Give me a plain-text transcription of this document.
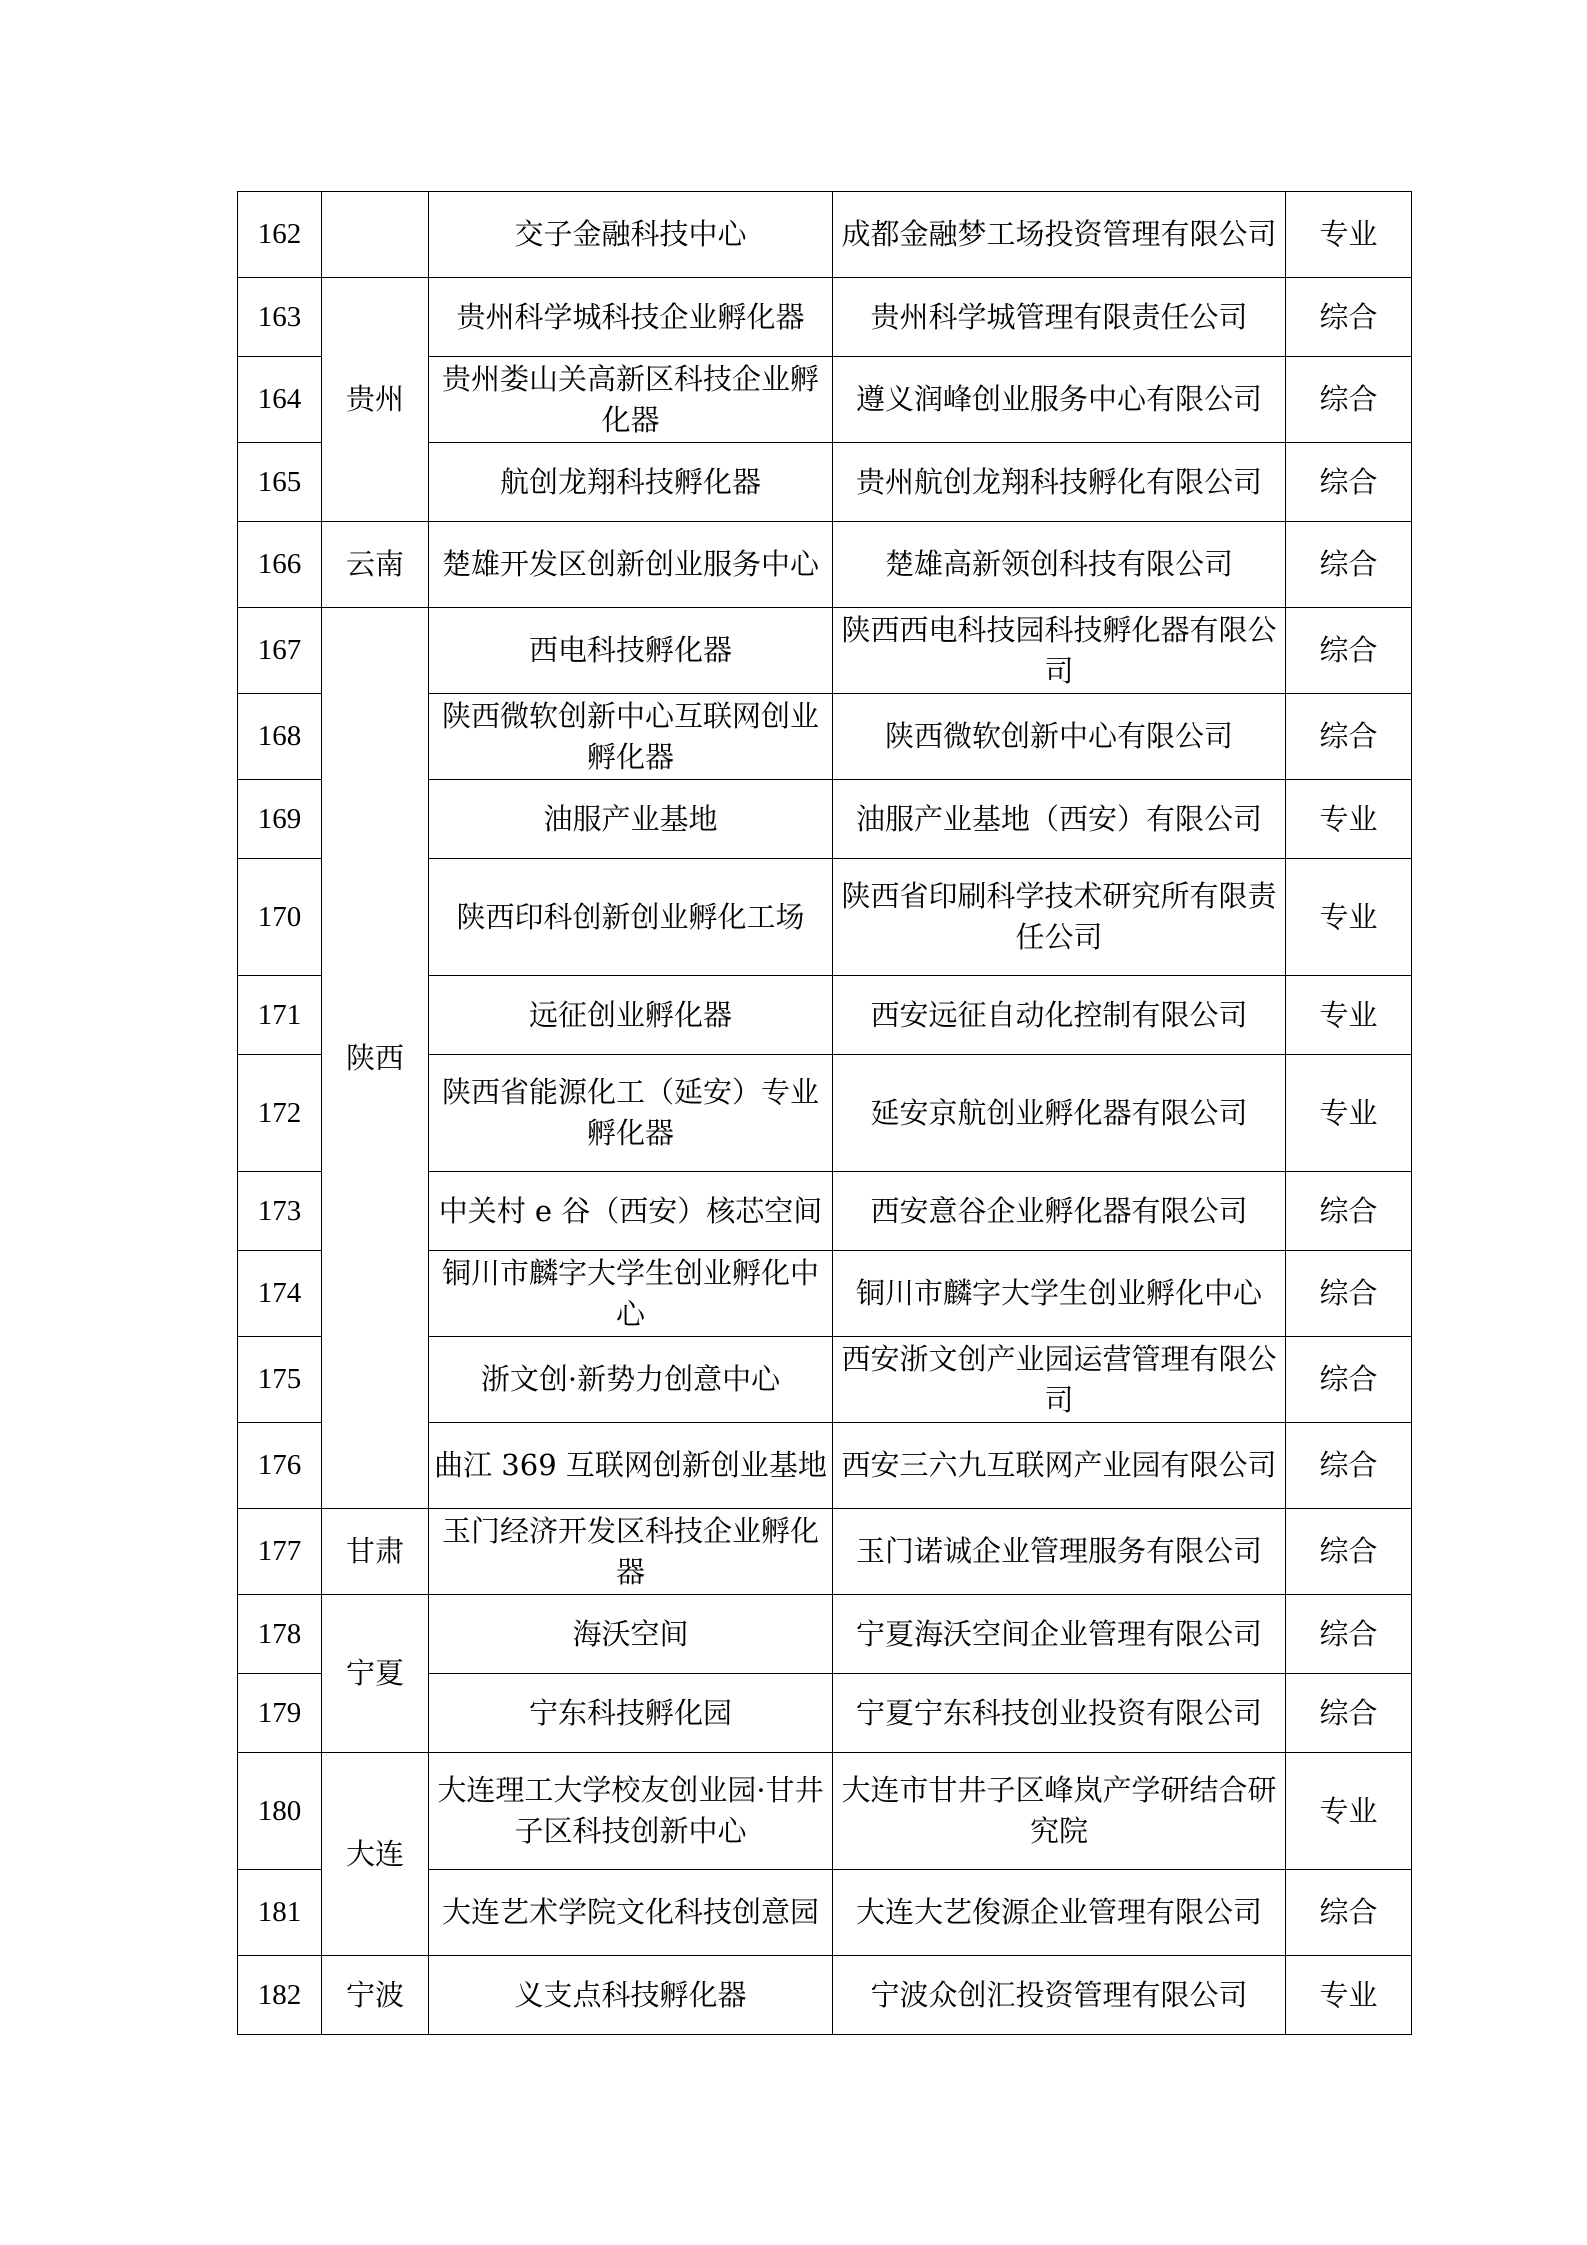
162		交子金融科技中心	成都金融梦工场投资管理有限公司	专业
163	贵州	贵州科学城科技企业孵化器	贵州科学城管理有限责任公司	综合
164		贵州娄山关高新区科技企业孵化器	遵义润峰创业服务中心有限公司	综合
165		航创龙翔科技孵化器	贵州航创龙翔科技孵化有限公司	综合
166	云南	楚雄开发区创新创业服务中心	楚雄高新领创科技有限公司	综合
167	陕西	西电科技孵化器	陕西西电科技园科技孵化器有限公司	综合
168		陕西微软创新中心互联网创业孵化器	陕西微软创新中心有限公司	综合
169		油服产业基地	油服产业基地（西安）有限公司	专业
170		陕西印科创新创业孵化工场	陕西省印刷科学技术研究所有限责任公司	专业
171		远征创业孵化器	西安远征自动化控制有限公司	专业
172		陕西省能源化工（延安）专业孵化器	延安京航创业孵化器有限公司	专业
173		中关村 e 谷（西安）核芯空间	西安意谷企业孵化器有限公司	综合
174		铜川市麟字大学生创业孵化中心	铜川市麟字大学生创业孵化中心	综合
175		浙文创·新势力创意中心	西安浙文创产业园运营管理有限公司	综合
176		曲江 369 互联网创新创业基地	西安三六九互联网产业园有限公司	综合
177	甘肃	玉门经济开发区科技企业孵化器	玉门诺诚企业管理服务有限公司	综合
178	宁夏	海沃空间	宁夏海沃空间企业管理有限公司	综合
179		宁东科技孵化园	宁夏宁东科技创业投资有限公司	综合
180	大连	大连理工大学校友创业园·甘井子区科技创新中心	大连市甘井子区峰岚产学研结合研究院	专业
181		大连艺术学院文化科技创意园	大连大艺俊源企业管理有限公司	综合
182	宁波	义支点科技孵化器	宁波众创汇投资管理有限公司	专业
